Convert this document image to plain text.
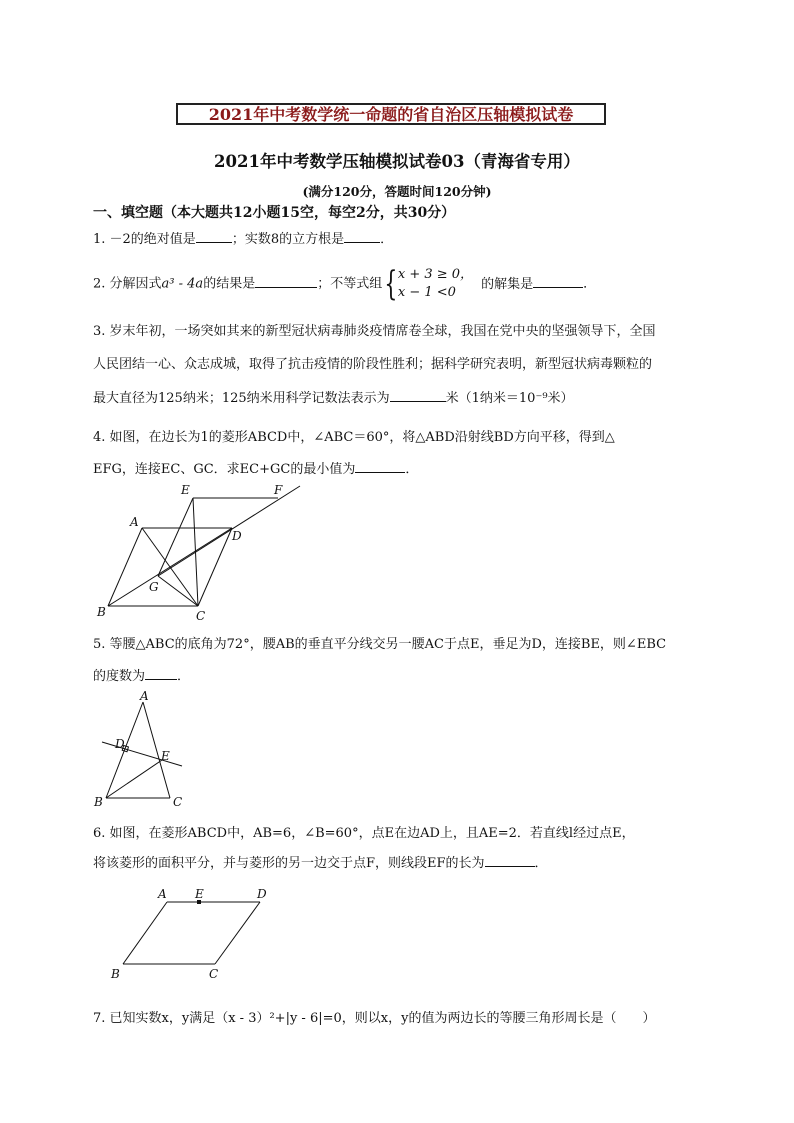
2021年中考数学统一命题的省自治区压轴模拟试卷
2021年中考数学压轴模拟试卷03（青海省专用）
(满分120分，答题时间120分钟)
一、填空题（本大题共12小题15空，每空2分，共30分）
1. －2的绝对值是	；实数8的立方根是	．
2. 分解因式a³ - 4a的结果是	；不等式组{x + 3 ≥ 0，
x − 1 <0的解集是	．
3. 岁末年初，一场突如其来的新型冠状病毒肺炎疫情席卷全球，我国在党中央的坚强领导下，全国
人民团结一心、众志成城，取得了抗击疫情的阶段性胜利；据科学研究表明，新型冠状病毒颗粒的
最大直径为125纳米；125纳米用科学记数法表示为	米（1纳米＝10⁻⁹米）
4. 如图，在边长为1的菱形ABCD中，∠ABC＝60°，将△ABD沿射线BD方向平移，得到△
EFG，连接EC、GC．求EC+GC的最小值为	．
A
B	C
D
E	F
G
5. 等腰△ABC的底角为72°，腰AB的垂直平分线交另一腰AC于点E，垂足为D，连接BE，则∠EBC
的度数为 ．
A
B	C
D
E
6. 如图，在菱形ABCD中，AB=6，∠B=60°，点E在边AD上，且AE=2．若直线l经过点E，
将该菱形的面积平分，并与菱形的另一边交于点F，则线段EF的长为	．
A E	D
B	C
7. 已知实数x，y满足（x - 3）²+|y - 6|=0，则以x，y的值为两边长的等腰三角形周长是（　　）
